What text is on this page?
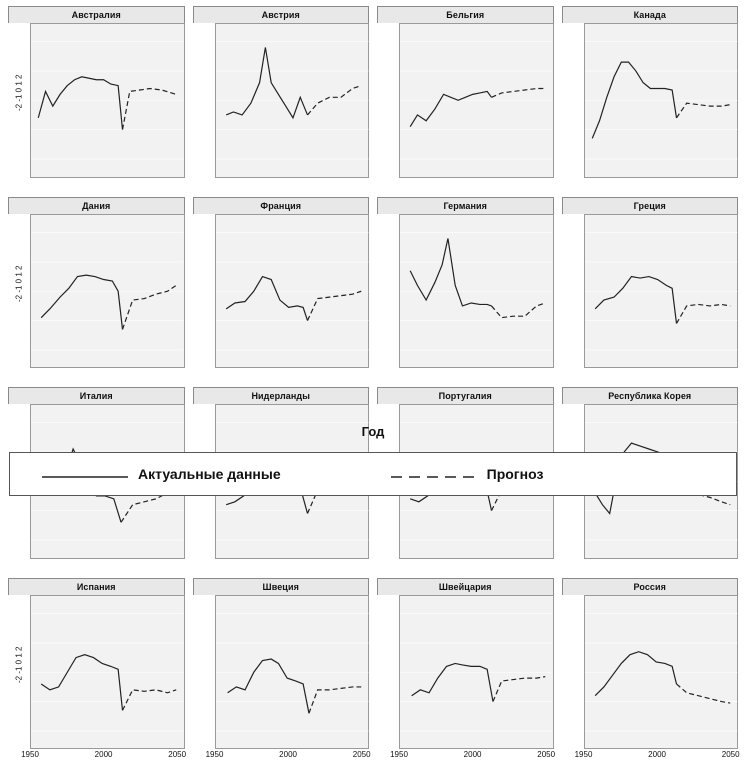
Австралия
-2 -1 0 1 2
Австрия	Бельгия	Канада
Дания
-2 -1 0 1 2
Франция	Германия	Греция
Италия	Нидерланды	Португалия	Республика Корея
Испания
-2 -1 0 1 2
1950	2000	2050
Швеция
1950	2000	2050
Швейцария
1950	2000	2050
Россия
1950	2000	2050
Год
Актуальные данные	Прогноз
